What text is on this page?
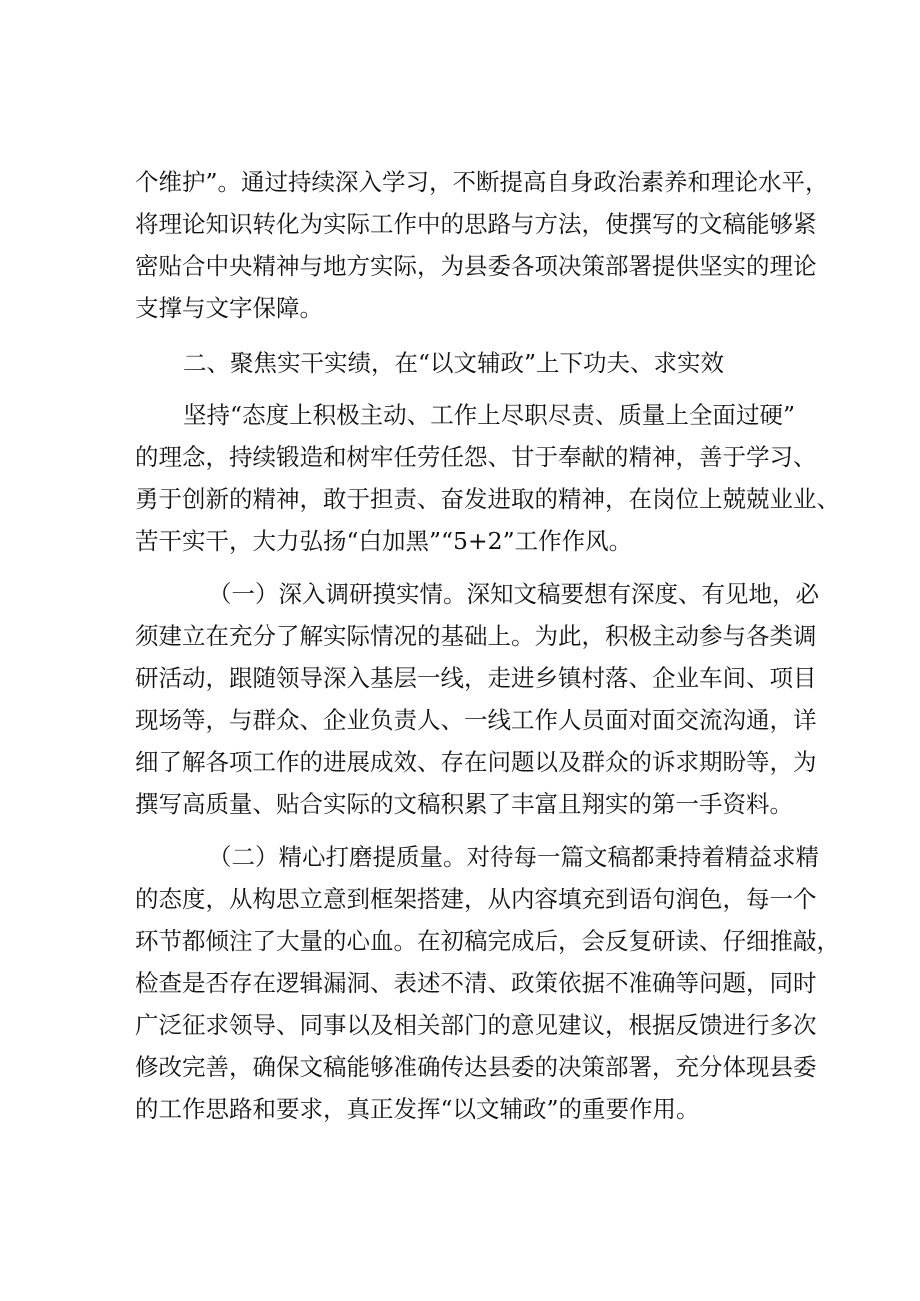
个维护”。通过持续深入学习，不断提高自身政治素养和理论水平，
将理论知识转化为实际工作中的思路与方法，使撰写的文稿能够紧
密贴合中央精神与地方实际，为县委各项决策部署提供坚实的理论
支撑与文字保障。
二、聚焦实干实绩，在“以文辅政”上下功夫、求实效
坚持“态度上积极主动、工作上尽职尽责、质量上全面过硬”
的理念，持续锻造和树牢任劳任怨、甘于奉献的精神，善于学习、
勇于创新的精神，敢于担责、奋发进取的精神，在岗位上兢兢业业、
苦干实干，大力弘扬“白加黑”“5+2”工作作风。
（一）深入调研摸实情。深知文稿要想有深度、有见地，必
须建立在充分了解实际情况的基础上。为此，积极主动参与各类调
研活动，跟随领导深入基层一线，走进乡镇村落、企业车间、项目
现场等，与群众、企业负责人、一线工作人员面对面交流沟通，详
细了解各项工作的进展成效、存在问题以及群众的诉求期盼等，为
撰写高质量、贴合实际的文稿积累了丰富且翔实的第一手资料。
（二）精心打磨提质量。对待每一篇文稿都秉持着精益求精
的态度，从构思立意到框架搭建，从内容填充到语句润色，每一个
环节都倾注了大量的心血。在初稿完成后，会反复研读、仔细推敲，
检查是否存在逻辑漏洞、表述不清、政策依据不准确等问题，同时
广泛征求领导、同事以及相关部门的意见建议，根据反馈进行多次
修改完善，确保文稿能够准确传达县委的决策部署，充分体现县委
的工作思路和要求，真正发挥“以文辅政”的重要作用。
